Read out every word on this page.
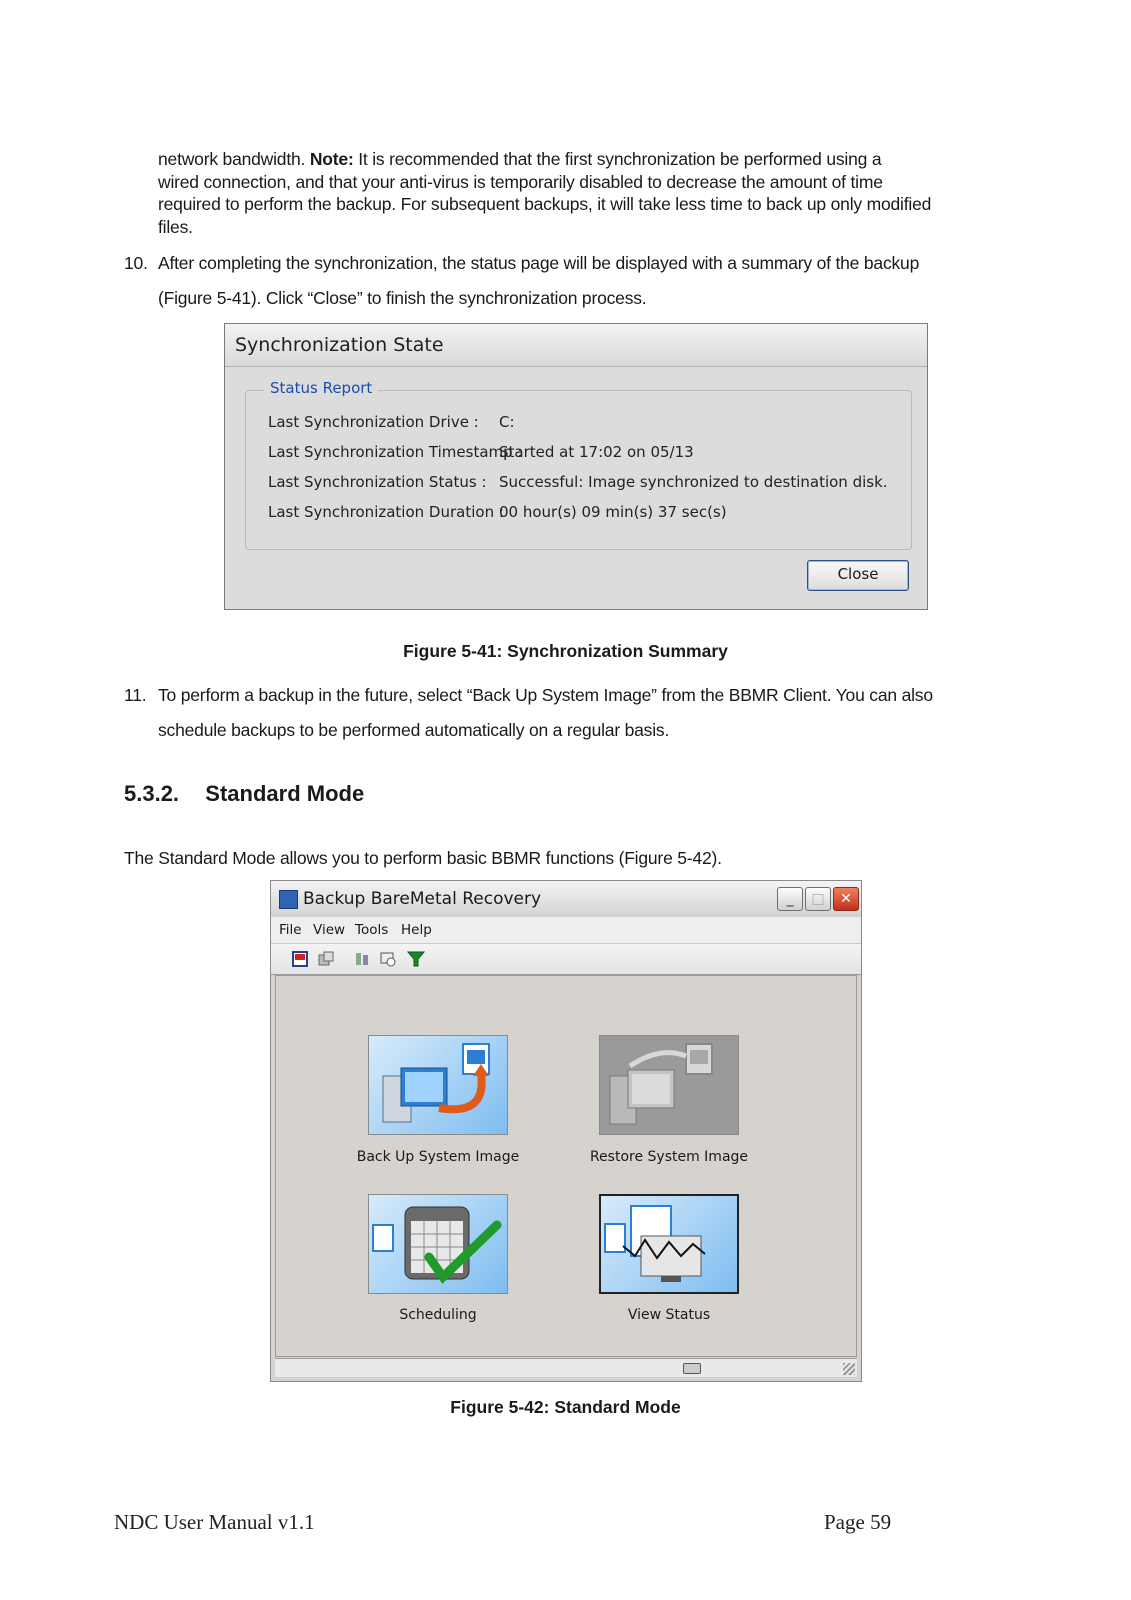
network bandwidth. Note: It is recommended that the first synchronization be performed using a
wired connection, and that your anti-virus is temporarily disabled to decrease the amount of time
required to perform the backup. For subsequent backups, it will take less time to back up only modified
files.
10. After completing the synchronization, the status page will be displayed with a summary of the backup
(Figure 5-41). Click “Close” to finish the synchronization process.
Synchronization State
Status Report
Last Synchronization Drive : C:
Last Synchronization Timestamp :
Started at 17:02 on 05/13
Last Synchronization Status : Successful: Image synchronized to destination disk.
Last Synchronization Duration :
00 hour(s) 09 min(s) 37 sec(s)
Close
Figure 5-41: Synchronization Summary
11. To perform a backup in the future, select “Back Up System Image” from the BBMR Client. You can also
schedule backups to be performed automatically on a regular basis.
5.3.2. Standard Mode
The Standard Mode allows you to perform basic BBMR functions (Figure 5-42).
Backup BareMetal Recovery	_	□	✕
File View Tools Help
Back Up System Image	Restore System Image
Scheduling	View Status
Figure 5-42: Standard Mode
NDC User Manual v1.1	Page 59
